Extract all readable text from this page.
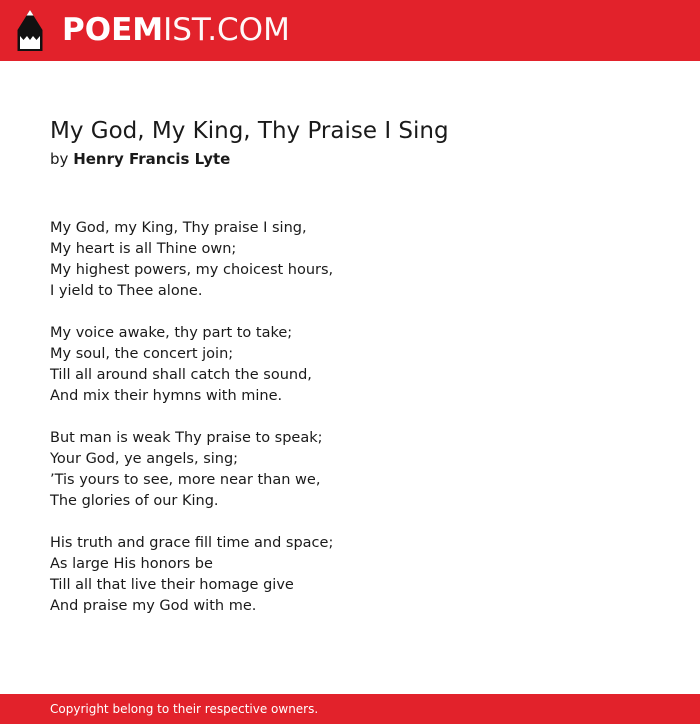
POEMIST.COM
My God, My King, Thy Praise I Sing
by Henry Francis Lyte
My God, my King, Thy praise I sing,
My heart is all Thine own;
My highest powers, my choicest hours,
I yield to Thee alone.
My voice awake, thy part to take;
My soul, the concert join;
Till all around shall catch the sound,
And mix their hymns with mine.
But man is weak Thy praise to speak;
Your God, ye angels, sing;
’Tis yours to see, more near than we,
The glories of our King.
His truth and grace fill time and space;
As large His honors be
Till all that live their homage give
And praise my God with me.
Copyright belong to their respective owners.
